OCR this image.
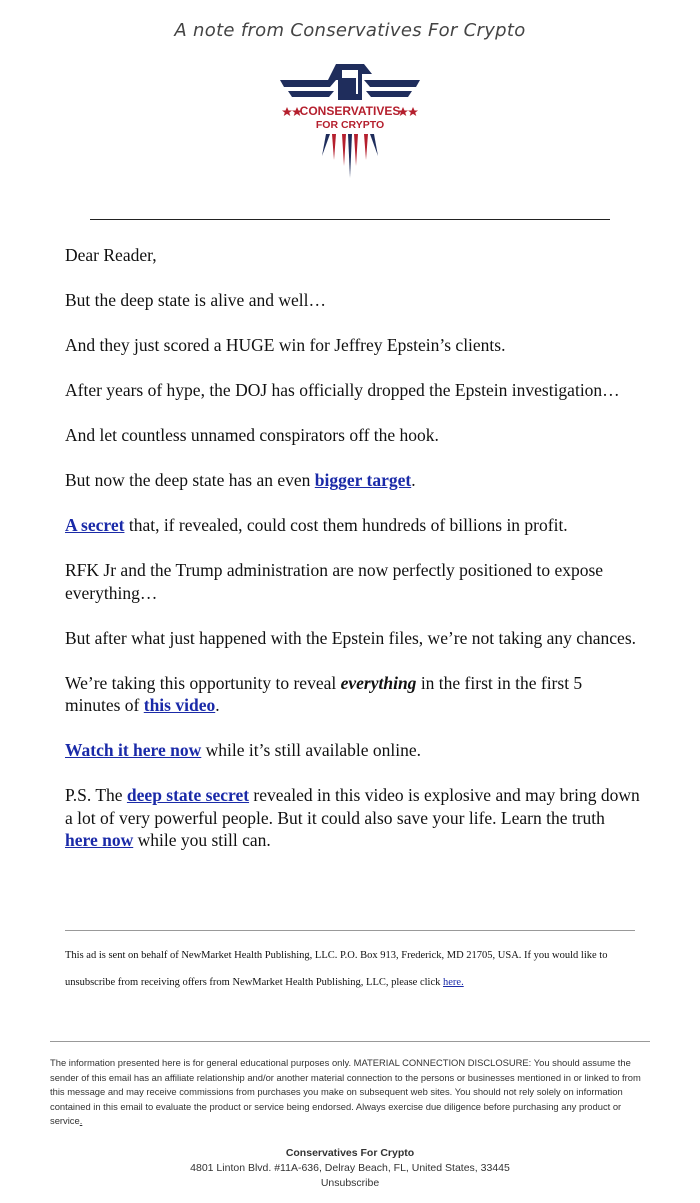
A note from Conservatives For Crypto
CONSERVATIVES
FOR CRYPTO

Dear Reader,

But the deep state is alive and well…

And they just scored a HUGE win for Jeffrey Epstein’s clients.

After years of hype, the DOJ has officially dropped the Epstein investigation…

And let countless unnamed conspirators off the hook.

But now the deep state has an even bigger target.

A secret that, if revealed, could cost them hundreds of billions in profit.

RFK Jr and the Trump administration are now perfectly positioned to expose everything…

But after what just happened with the Epstein files, we’re not taking any chances.

We’re taking this opportunity to reveal everything in the first in the first 5 minutes of this video.

Watch it here now while it’s still available online.

P.S. The deep state secret revealed in this video is explosive and may bring down a lot of very powerful people. But it could also save your life. Learn the truth here now while you still can.

This ad is sent on behalf of NewMarket Health Publishing, LLC. P.O. Box 913, Frederick, MD 21705, USA. If you would like to unsubscribe from receiving offers from NewMarket Health Publishing, LLC, please click here.
The information presented here is for general educational purposes only. MATERIAL CONNECTION DISCLOSURE: You should assume the sender of this email has an affiliate relationship and/or another material connection to the persons or businesses mentioned in or linked to from this message and may receive commissions from purchases you make on subsequent web sites. You should not rely solely on information contained in this email to evaluate the product or service being endorsed. Always exercise due diligence before purchasing any product or service.
Conservatives For Crypto
4801 Linton Blvd. #11A-636, Delray Beach, FL, United States, 33445
Unsubscribe
